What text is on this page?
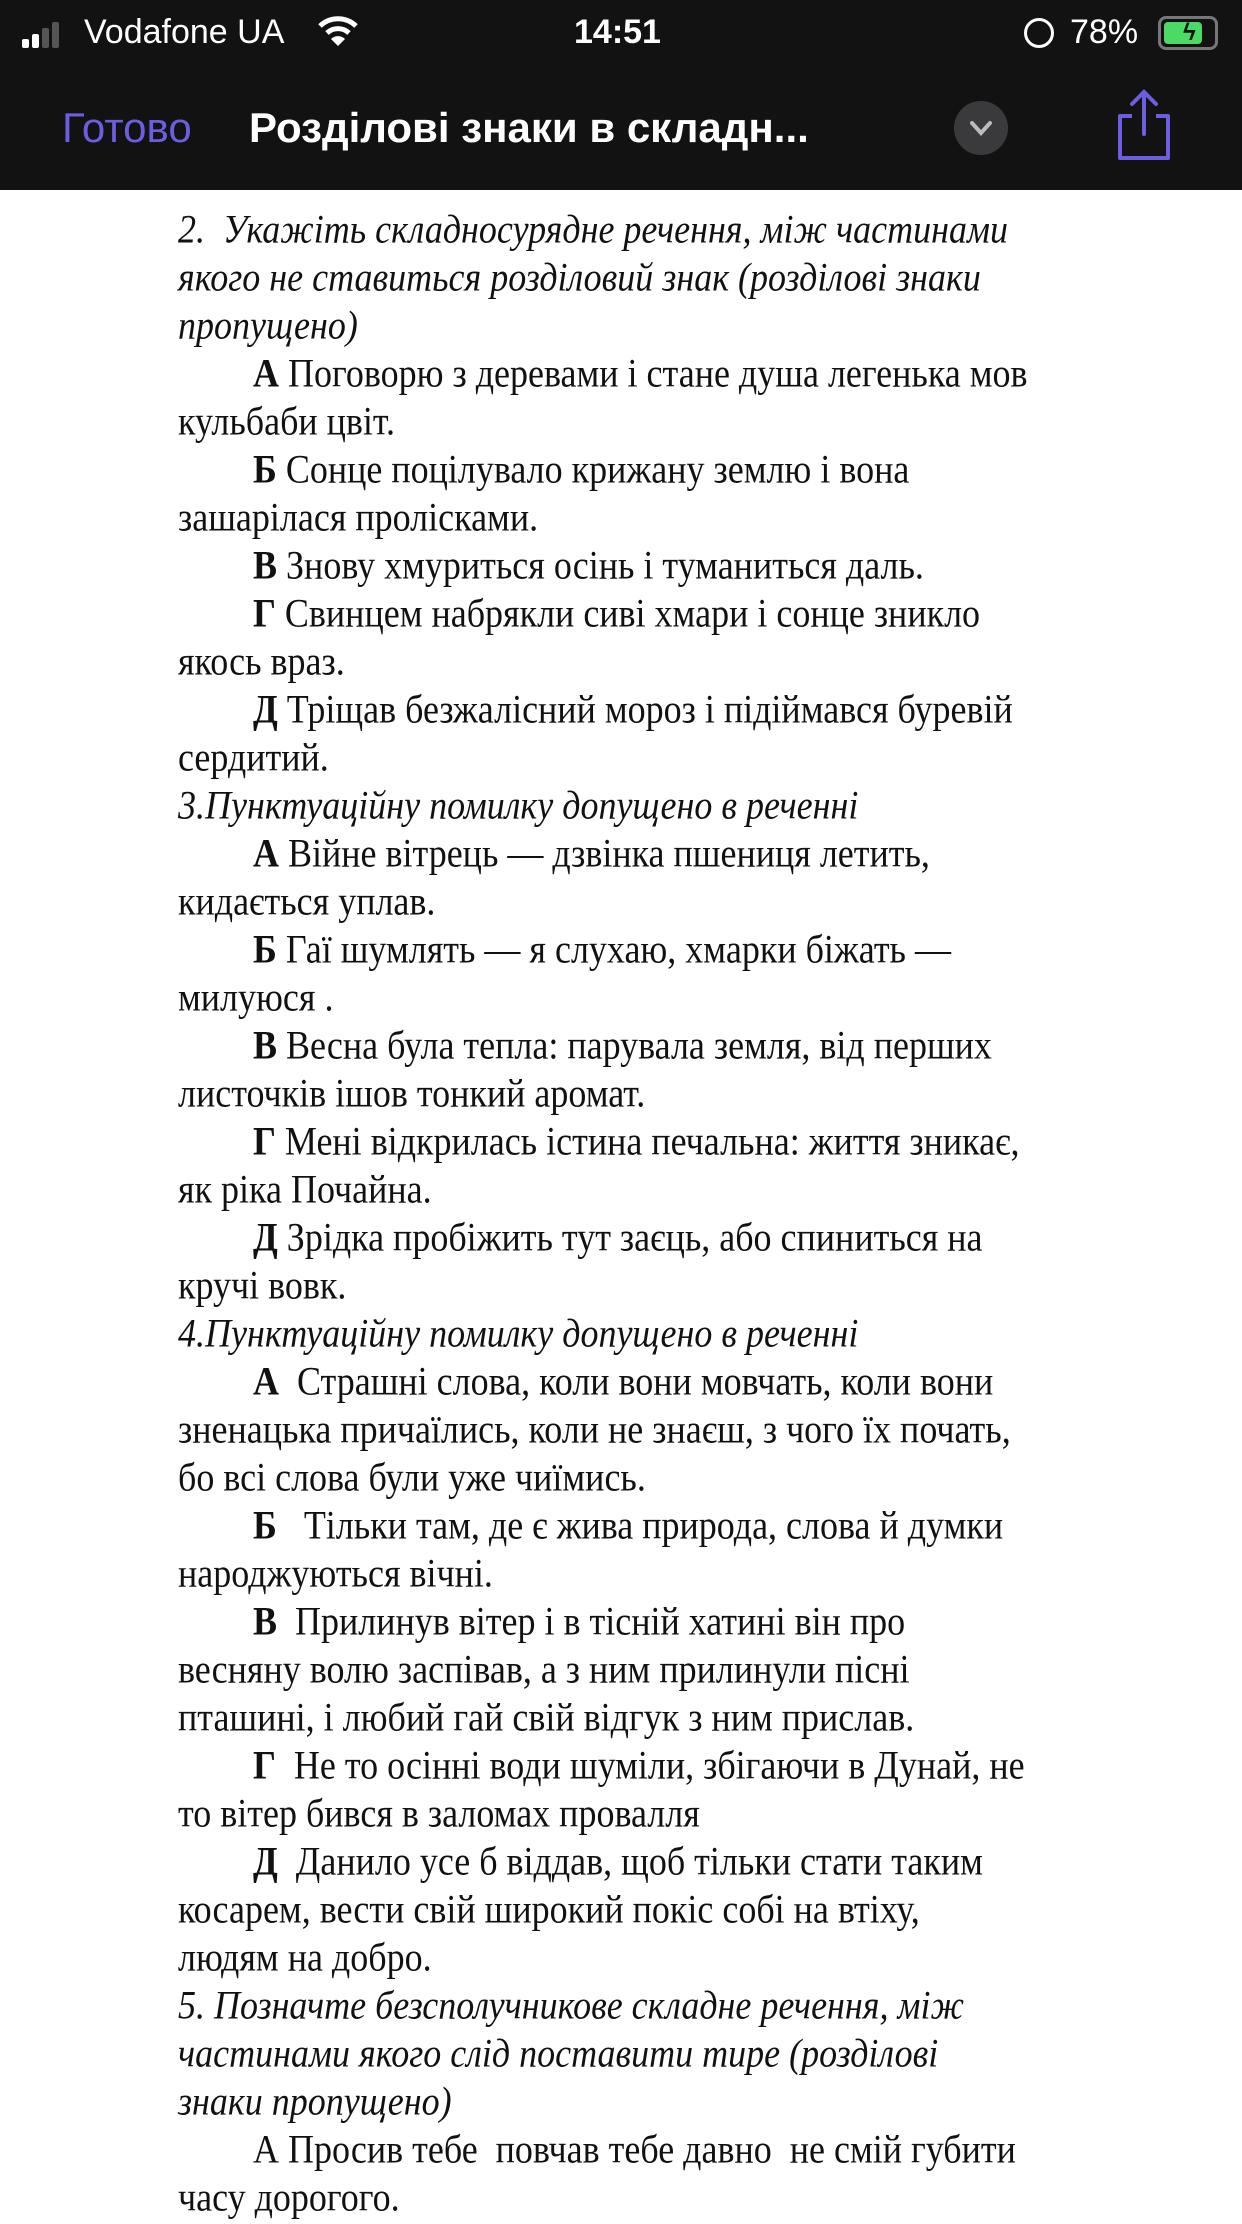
Vodafone UA	14:51	78% ϟ
Готово Розділові знаки в складн...
2.  Укажіть складносурядне речення, між частинами
якого не ставиться розділовий знак (розділові знаки
пропущено)
А Поговорю з деревами і стане душа легенька мов
кульбаби цвіт.
Б Сонце поцілувало крижану землю і вона
зашарілася пролісками.
В Знову хмуриться осінь і туманиться даль.
Г Свинцем набрякли сиві хмари і сонце зникло
якось враз.
Д Тріщав безжалісний мороз і підіймався буревій
сердитий.
3.Пунктуаційну помилку допущено в реченні
А Війне вітрець — дзвінка пшениця летить,
кидається уплав.
Б Гаї шумлять — я слухаю, хмарки біжать —
милуюся .
В Весна була тепла: парувала земля, від перших
листочків ішов тонкий аромат.
Г Мені відкрилась істина печальна: життя зникає,
як ріка Почайна.
Д Зрідка пробіжить тут заєць, або спиниться на
кручі вовк.
4.Пунктуаційну помилку допущено в реченні
А  Страшні слова, коли вони мовчать, коли вони
зненацька причаїлись, коли не знаєш, з чого їх почать,
бо всі слова були уже чиїмись.
Б   Тільки там, де є жива природа, слова й думки
народжуються вічні.
В  Прилинув вітер і в тісній хатині він про
весняну волю заспівав, а з ним прилинули пісні
пташині, і любий гай свій відгук з ним прислав.
Г  Не то осінні води шуміли, збігаючи в Дунай, не
то вітер бився в заломах провалля
Д  Данило усе б віддав, щоб тільки стати таким
косарем, вести свій широкий покіс собі на втіху,
людям на добро.
5. Позначте безсполучникове складне речення, між
частинами якого слід поставити тире (розділові
знаки пропущено)
А Просив тебе  повчав тебе давно  не смій губити
часу дорогого.
